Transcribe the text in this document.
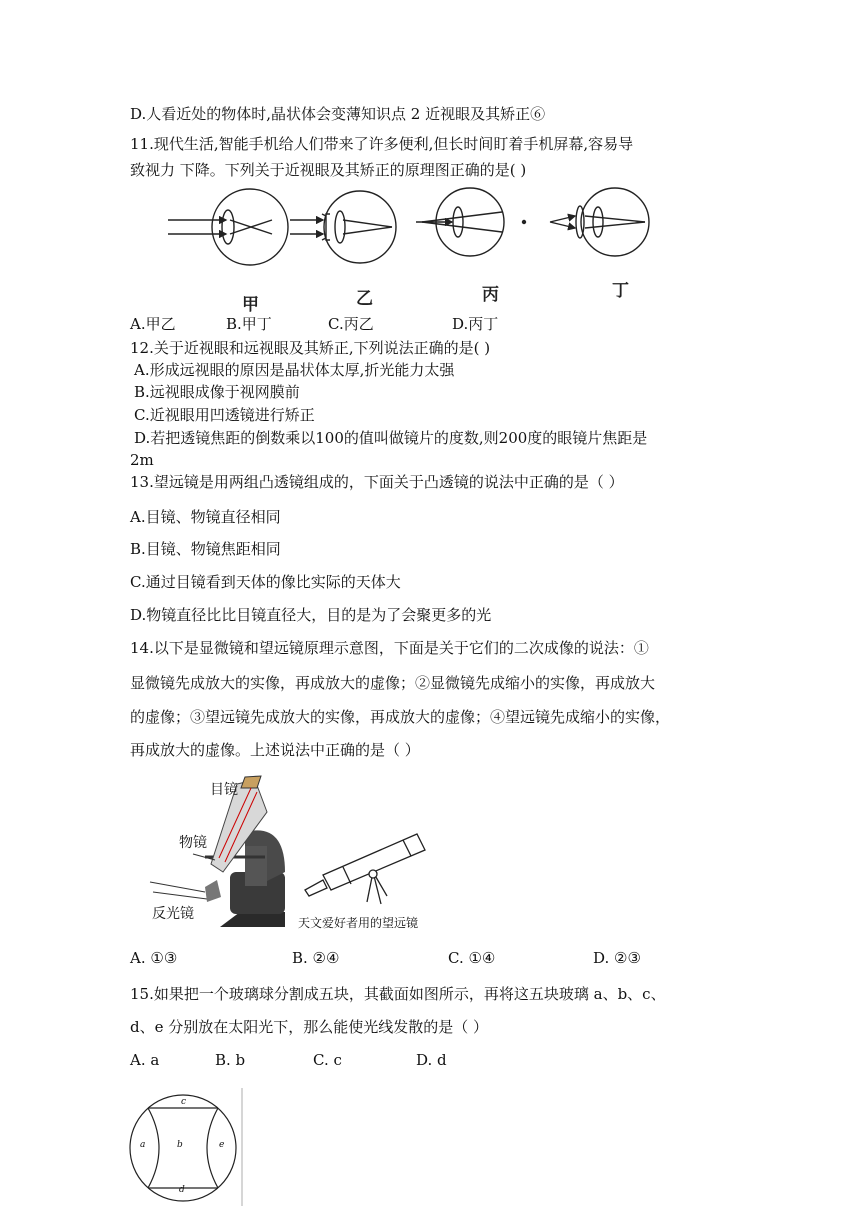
D.人看近处的物体时,晶状体会变薄知识点 2 近视眼及其矫正⑥
11.现代生活,智能手机给人们带来了许多便利,但长时间盯着手机屏幕,容易导
致视力 下降。下列关于近视眼及其矫正的原理图正确的是( )
甲	乙	丙	丁
A.甲乙	B.甲丁	C.丙乙	D.丙丁
12.关于近视眼和远视眼及其矫正,下列说法正确的是( )
A.形成远视眼的原因是晶状体太厚,折光能力太强
B.远视眼成像于视网膜前
C.近视眼用凹透镜进行矫正
D.若把透镜焦距的倒数乘以100的值叫做镜片的度数,则200度的眼镜片焦距是
2m
13.望远镜是用两组凸透镜组成的，下面关于凸透镜的说法中正确的是（ ）
A.目镜、物镜直径相同
B.目镜、物镜焦距相同
C.通过目镜看到天体的像比实际的天体大
D.物镜直径比比目镜直径大，目的是为了会聚更多的光
14.以下是显微镜和望远镜原理示意图，下面是关于它们的二次成像的说法：①
显微镜先成放大的实像，再成放大的虚像；②显微镜先成缩小的实像，再成放大
的虚像；③望远镜先成放大的实像，再成放大的虚像；④望远镜先成缩小的实像，
再成放大的虚像。上述说法中正确的是（ ）
目镜
物镜
反光镜
天文爱好者用的望远镜
A. ①③	B. ②④	C. ①④	D. ②③
15.如果把一个玻璃球分割成五块，其截面如图所示，再将这五块玻璃 a、b、c、
d、e 分别放在太阳光下，那么能使光线发散的是（ ）
A. a	B. b	C. c	D. d
c
a	b	e
d
